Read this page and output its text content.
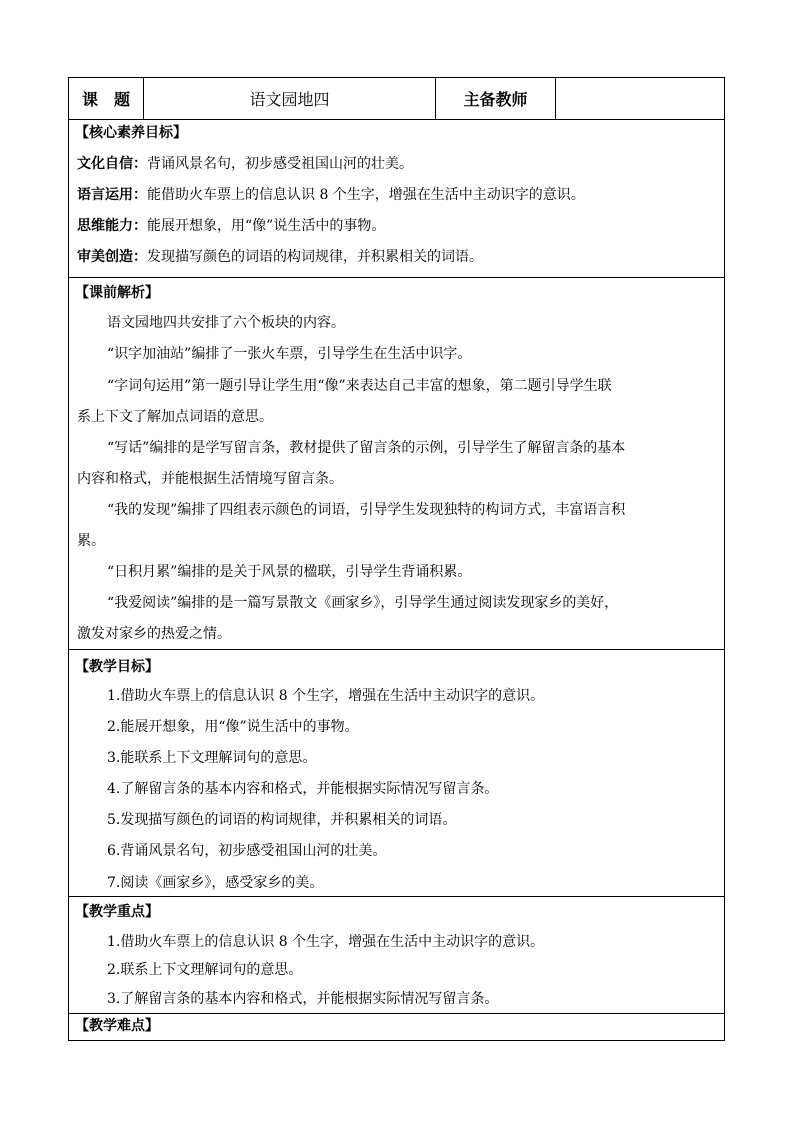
课　题	语文园地四	主备教师
【核心素养目标】
文化自信：背诵风景名句，初步感受祖国山河的壮美。
语言运用：能借助火车票上的信息认识 8 个生字，增强在生活中主动识字的意识。
思维能力：能展开想象，用“像”说生活中的事物。
审美创造：发现描写颜色的词语的构词规律，并积累相关的词语。
【课前解析】
语文园地四共安排了六个板块的内容。
“识字加油站”编排了一张火车票，引导学生在生活中识字。
“字词句运用”第一题引导让学生用“像”来表达自己丰富的想象，第二题引导学生联
系上下文了解加点词语的意思。
“写话”编排的是学写留言条，教材提供了留言条的示例，引导学生了解留言条的基本
内容和格式，并能根据生活情境写留言条。
“我的发现”编排了四组表示颜色的词语，引导学生发现独特的构词方式，丰富语言积
累。
“日积月累”编排的是关于风景的楹联，引导学生背诵积累。
“我爱阅读”编排的是一篇写景散文《画家乡》，引导学生通过阅读发现家乡的美好，
激发对家乡的热爱之情。
【教学目标】
1.借助火车票上的信息认识 8 个生字，增强在生活中主动识字的意识。
2.能展开想象，用“像”说生活中的事物。
3.能联系上下文理解词句的意思。
4.了解留言条的基本内容和格式，并能根据实际情况写留言条。
5.发现描写颜色的词语的构词规律，并积累相关的词语。
6.背诵风景名句，初步感受祖国山河的壮美。
7.阅读《画家乡》，感受家乡的美。
【教学重点】
1.借助火车票上的信息认识 8 个生字，增强在生活中主动识字的意识。
2.联系上下文理解词句的意思。
3.了解留言条的基本内容和格式，并能根据实际情况写留言条。
【教学难点】
